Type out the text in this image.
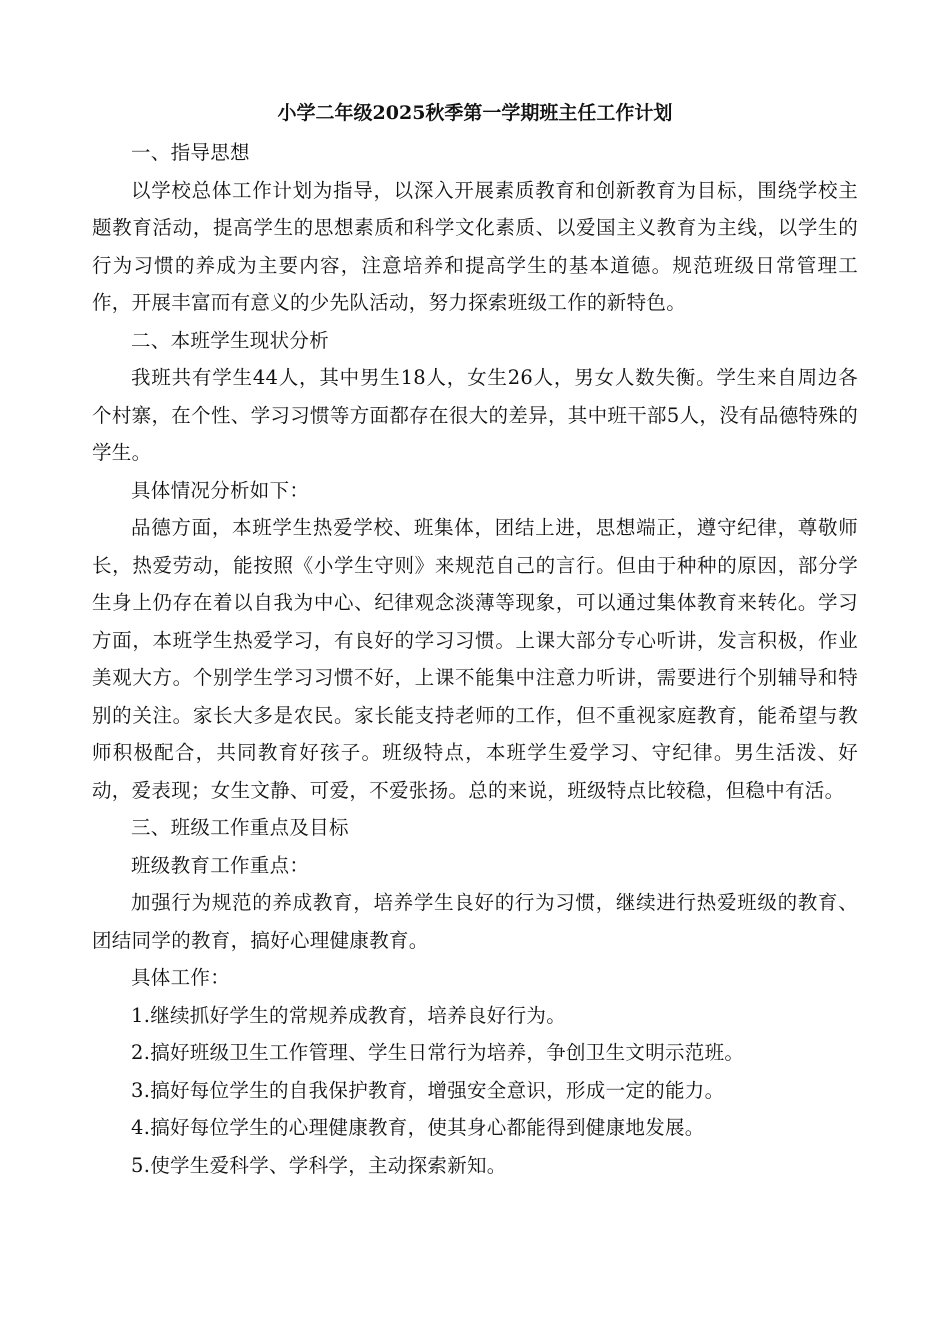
小学二年级2025秋季第一学期班主任工作计划

一、指导思想

以学校总体工作计划为指导，以深入开展素质教育和创新教育为目标，围绕学校主题教育活动，提高学生的思想素质和科学文化素质、以爱国主义教育为主线，以学生的行为习惯的养成为主要内容，注意培养和提高学生的基本道德。规范班级日常管理工作，开展丰富而有意义的少先队活动，努力探索班级工作的新特色。

二、本班学生现状分析

我班共有学生44人，其中男生18人，女生26人，男女人数失衡。学生来自周边各个村寨，在个性、学习习惯等方面都存在很大的差异，其中班干部5人，没有品德特殊的学生。

具体情况分析如下：

品德方面，本班学生热爱学校、班集体，团结上进，思想端正，遵守纪律，尊敬师长，热爱劳动，能按照《小学生守则》来规范自己的言行。但由于种种的原因，部分学生身上仍存在着以自我为中心、纪律观念淡薄等现象，可以通过集体教育来转化。学习方面，本班学生热爱学习，有良好的学习习惯。上课大部分专心听讲，发言积极，作业美观大方。个别学生学习习惯不好，上课不能集中注意力听讲，需要进行个别辅导和特别的关注。家长大多是农民。家长能支持老师的工作，但不重视家庭教育，能希望与教师积极配合，共同教育好孩子。班级特点，本班学生爱学习、守纪律。男生活泼、好动，爱表现；女生文静、可爱，不爱张扬。总的来说，班级特点比较稳，但稳中有活。

三、班级工作重点及目标

班级教育工作重点：

加强行为规范的养成教育，培养学生良好的行为习惯，继续进行热爱班级的教育、团结同学的教育，搞好心理健康教育。

具体工作：

1.继续抓好学生的常规养成教育，培养良好行为。

2.搞好班级卫生工作管理、学生日常行为培养，争创卫生文明示范班。

3.搞好每位学生的自我保护教育，增强安全意识，形成一定的能力。

4.搞好每位学生的心理健康教育，使其身心都能得到健康地发展。

5.使学生爱科学、学科学，主动探索新知。
